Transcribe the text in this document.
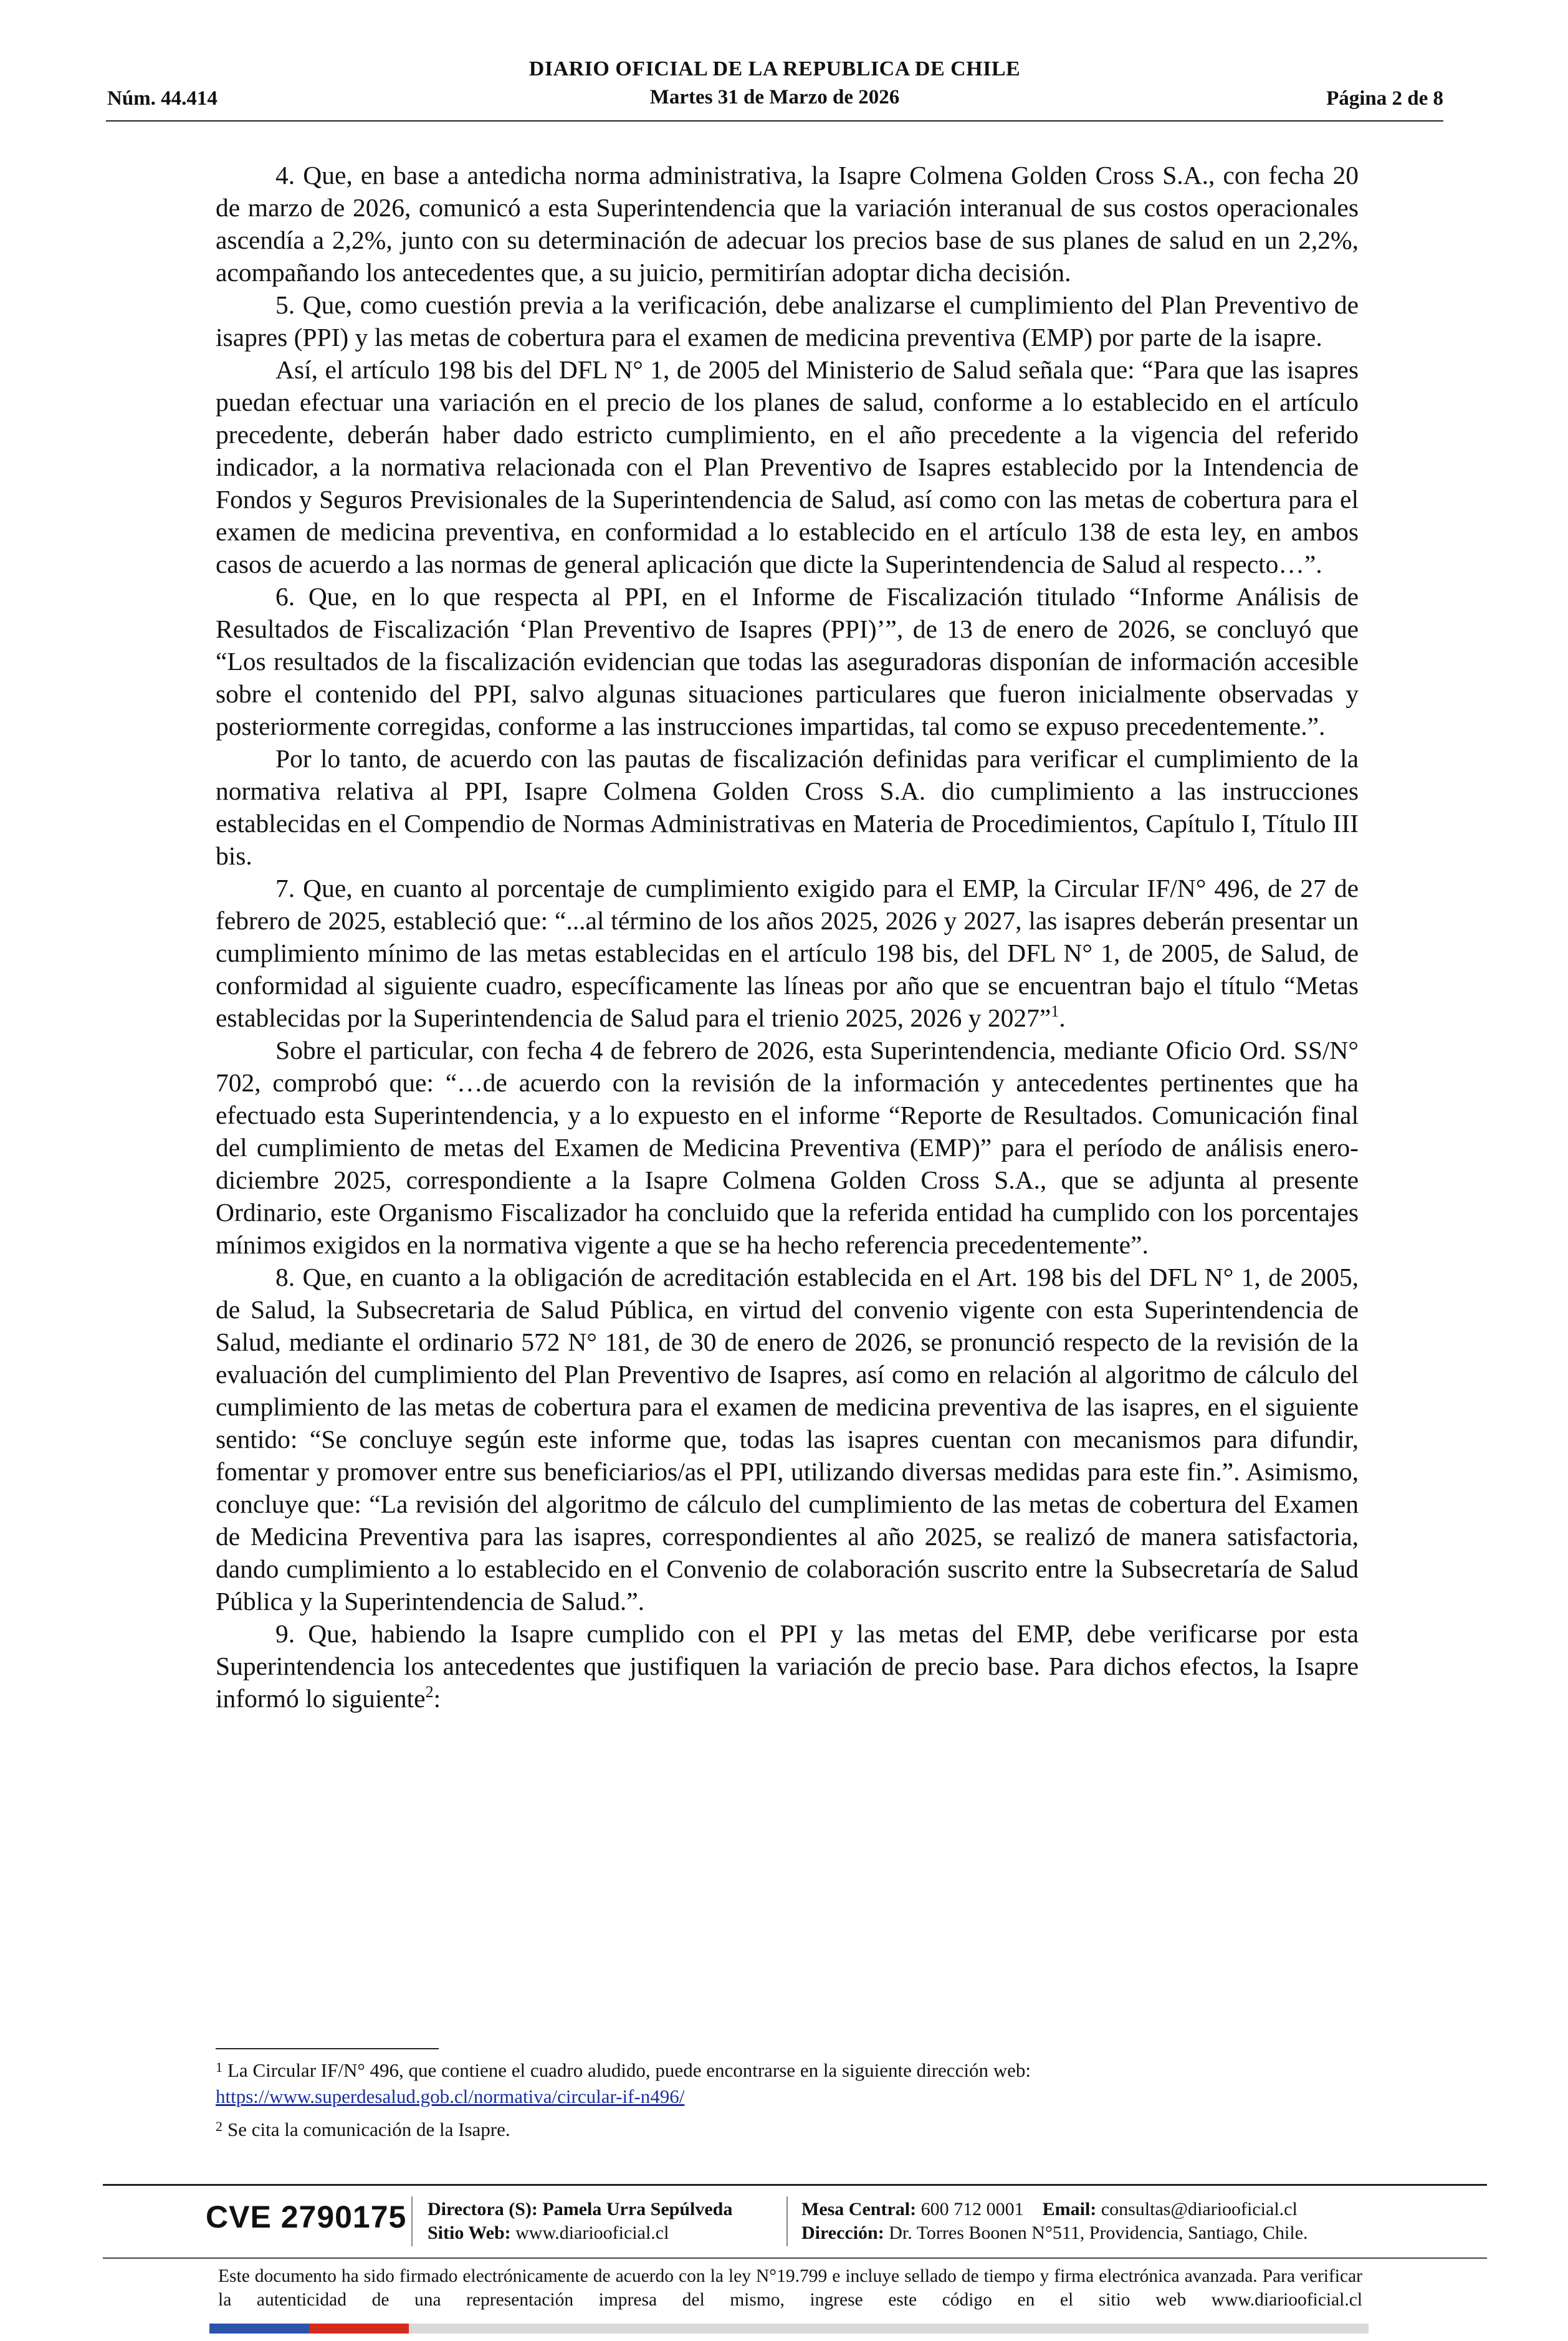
Núm. 44.414
DIARIO OFICIAL DE LA REPUBLICA DE CHILE
Martes 31 de Marzo de 2026	Página 2 de 8

4. Que, en base a antedicha norma administrativa, la Isapre Colmena Golden Cross S.A., con fecha 20 de marzo de 2026, comunicó a esta Superintendencia que la variación interanual de sus costos operacionales ascendía a 2,2%, junto con su determinación de adecuar los precios base de sus planes de salud en un 2,2%, acompañando los antecedentes que, a su juicio, permitirían adoptar dicha decisión.

5. Que, como cuestión previa a la verificación, debe analizarse el cumplimiento del Plan Preventivo de isapres (PPI) y las metas de cobertura para el examen de medicina preventiva (EMP) por parte de la isapre.

Así, el artículo 198 bis del DFL N° 1, de 2005 del Ministerio de Salud señala que: “Para que las isapres puedan efectuar una variación en el precio de los planes de salud, conforme a lo establecido en el artículo precedente, deberán haber dado estricto cumplimiento, en el año precedente a la vigencia del referido indicador, a la normativa relacionada con el Plan Preventivo de Isapres establecido por la Intendencia de Fondos y Seguros Previsionales de la Superintendencia de Salud, así como con las metas de cobertura para el examen de medicina preventiva, en conformidad a lo establecido en el artículo 138 de esta ley, en ambos casos de acuerdo a las normas de general aplicación que dicte la Superintendencia de Salud al respecto…”.

6. Que, en lo que respecta al PPI, en el Informe de Fiscalización titulado “Informe Análisis de Resultados de Fiscalización ‘Plan Preventivo de Isapres (PPI)’”, de 13 de enero de 2026, se concluyó que “Los resultados de la fiscalización evidencian que todas las aseguradoras disponían de información accesible sobre el contenido del PPI, salvo algunas situaciones particulares que fueron inicialmente observadas y posteriormente corregidas, conforme a las instrucciones impartidas, tal como se expuso precedentemente.”.

Por lo tanto, de acuerdo con las pautas de fiscalización definidas para verificar el cumplimiento de la normativa relativa al PPI, Isapre Colmena Golden Cross S.A. dio cumplimiento a las instrucciones establecidas en el Compendio de Normas Administrativas en Materia de Procedimientos, Capítulo I, Título III bis.

7. Que, en cuanto al porcentaje de cumplimiento exigido para el EMP, la Circular IF/N° 496, de 27 de febrero de 2025, estableció que: “...al término de los años 2025, 2026 y 2027, las isapres deberán presentar un cumplimiento mínimo de las metas establecidas en el artículo 198 bis, del DFL N° 1, de 2005, de Salud, de conformidad al siguiente cuadro, específicamente las líneas por año que se encuentran bajo el título “Metas establecidas por la Superintendencia de Salud para el trienio 2025, 2026 y 2027”$^1$.

Sobre el particular, con fecha 4 de febrero de 2026, esta Superintendencia, mediante Oficio Ord. SS/N° 702, comprobó que: “…de acuerdo con la revisión de la información y antecedentes pertinentes que ha efectuado esta Superintendencia, y a lo expuesto en el informe “Reporte de Resultados. Comunicación final del cumplimiento de metas del Examen de Medicina Preventiva (EMP)” para el período de análisis enero-diciembre 2025, correspondiente a la Isapre Colmena Golden Cross S.A., que se adjunta al presente Ordinario, este Organismo Fiscalizador ha concluido que la referida entidad ha cumplido con los porcentajes mínimos exigidos en la normativa vigente a que se ha hecho referencia precedentemente”.

8. Que, en cuanto a la obligación de acreditación establecida en el Art. 198 bis del DFL N° 1, de 2005, de Salud, la Subsecretaria de Salud Pública, en virtud del convenio vigente con esta Superintendencia de Salud, mediante el ordinario 572 N° 181, de 30 de enero de 2026, se pronunció respecto de la revisión de la evaluación del cumplimiento del Plan Preventivo de Isapres, así como en relación al algoritmo de cálculo del cumplimiento de las metas de cobertura para el examen de medicina preventiva de las isapres, en el siguiente sentido: “Se concluye según este informe que, todas las isapres cuentan con mecanismos para difundir, fomentar y promover entre sus beneficiarios/as el PPI, utilizando diversas medidas para este fin.”. Asimismo, concluye que: “La revisión del algoritmo de cálculo del cumplimiento de las metas de cobertura del Examen de Medicina Preventiva para las isapres, correspondientes al año 2025, se realizó de manera satisfactoria, dando cumplimiento a lo establecido en el Convenio de colaboración suscrito entre la Subsecretaría de Salud Pública y la Superintendencia de Salud.”.

9. Que, habiendo la Isapre cumplido con el PPI y las metas del EMP, debe verificarse por esta Superintendencia los antecedentes que justifiquen la variación de precio base. Para dichos efectos, la Isapre informó lo siguiente$^2$:

$^1$ La Circular IF/N° 496, que contiene el cuadro aludido, puede encontrarse en la siguiente dirección web: https://www.superdesalud.gob.cl/normativa/circular-if-n496/

$^2$ Se cita la comunicación de la Isapre.

CVE 2790175 Directora (S): Pamela Urra Sepúlveda
Sitio Web: www.diariooficial.cl
Mesa Central: 600 712 0001 Email: consultas@diariooficial.cl
Dirección: Dr. Torres Boonen N°511, Providencia, Santiago, Chile.
Este documento ha sido firmado electrónicamente de acuerdo con la ley N°19.799 e incluye sellado de tiempo y firma electrónica avanzada. Para verificar la autenticidad de una representación impresa del mismo, ingrese este código en el sitio web www.diariooficial.cl
